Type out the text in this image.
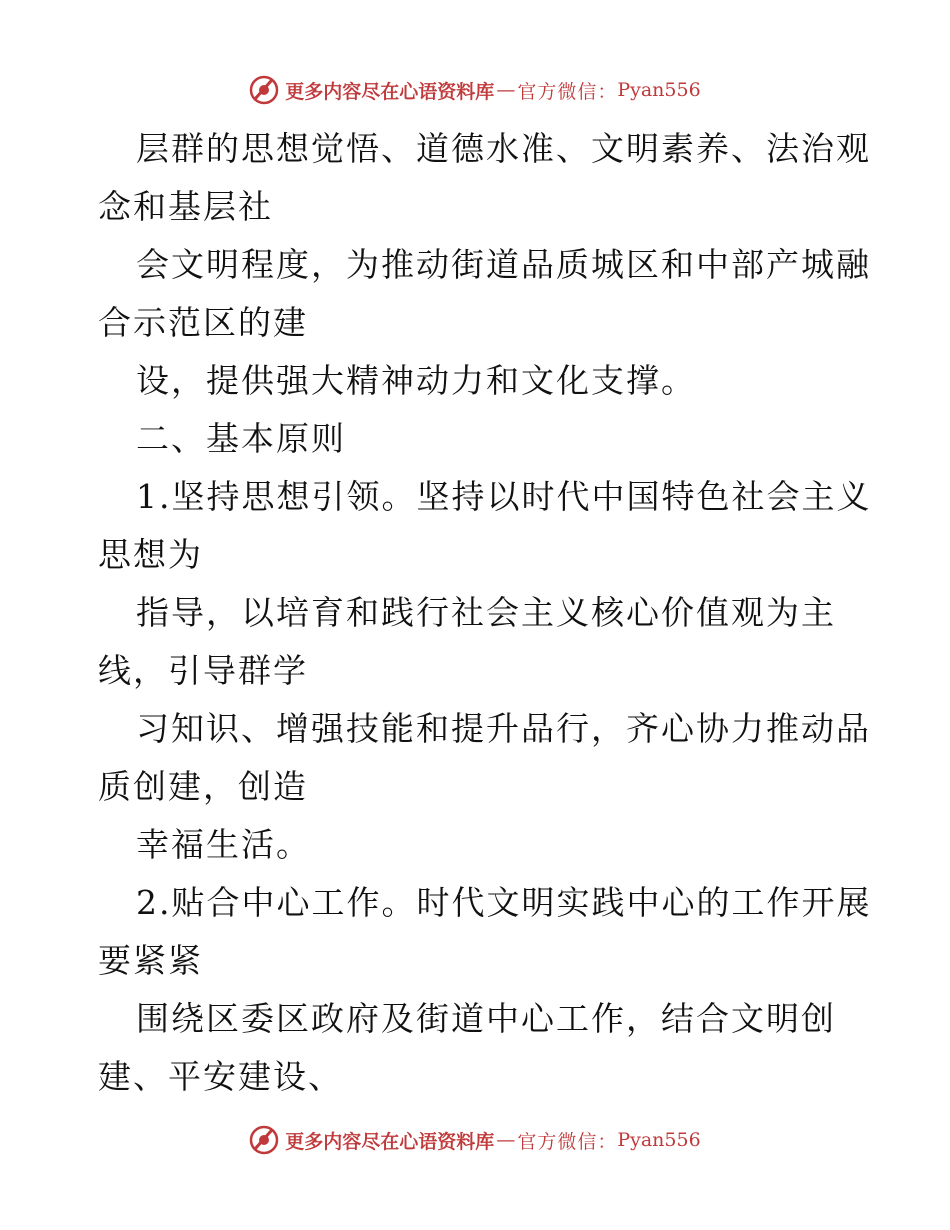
更多内容尽在心语资料库 — 官方微信： Pyan556
层群的思想觉悟、道德水准、文明素养、法治观
念和基层社
会文明程度，为推动街道品质城区和中部产城融
合示范区的建
设，提供强大精神动力和文化支撑。
二、基本原则
1.坚持思想引领。坚持以时代中国特色社会主义
思想为
指导，以培育和践行社会主义核心价值观为主
线，引导群学
习知识、增强技能和提升品行，齐心协力推动品
质创建，创造
幸福生活。
2.贴合中心工作。时代文明实践中心的工作开展
要紧紧
围绕区委区政府及街道中心工作，结合文明创
建、平安建设、
更多内容尽在心语资料库 — 官方微信： Pyan556
